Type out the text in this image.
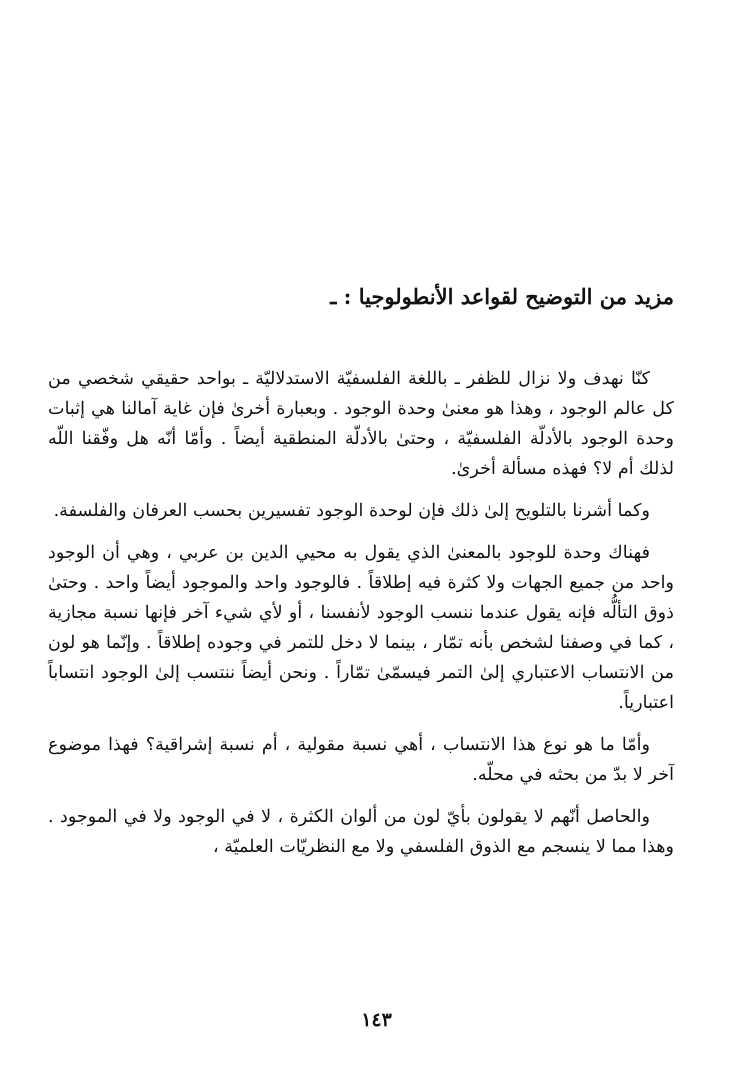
مزيد من التوضيح لقواعد الأنطولوجيا : ـ

كنّا نهدف ولا نزال للظفر ـ باللغة الفلسفيّة الاستدلاليّة ـ بواحد حقيقي شخصي من كل عالم الوجود ، وهذا هو معنىٰ وحدة الوجود . وبعبارة أخرىٰ فإن غاية آمالنا هي إثبات وحدة الوجود بالأدلّة الفلسفيّة ، وحتىٰ بالأدلّة المنطقية أيضاً . وأمّا أنّه هل وفّقنا اللّه لذلك أم لا؟ فهذه مسألة أخرىٰ.

وكما أشرنا بالتلويح إلىٰ ذلك فإن لوحدة الوجود تفسيرين بحسب العرفان والفلسفة.

فهناك وحدة للوجود بالمعنىٰ الذي يقول به محيي الدين بن عربي ، وهي أن الوجود واحد من جميع الجهات ولا كثرة فيه إطلاقاً . فالوجود واحد والموجود أيضاً واحد . وحتىٰ ذوق التألُّه فإنه يقول عندما ننسب الوجود لأنفسنا ، أو لأي شيء آخر فإنها نسبة مجازية ، كما في وصفنا لشخص بأنه تمّار ، بينما لا دخل للتمر في وجوده إطلاقاً . وإنّما هو لون من الانتساب الاعتباري إلىٰ التمر فيسمّىٰ تمّاراً . ونحن أيضاً ننتسب إلىٰ الوجود انتساباً اعتبارياً.

وأمّا ما هو نوع هذا الانتساب ، أهي نسبة مقولية ، أم نسبة إشراقية؟ فهذا موضوع آخر لا بدّ من بحثه في محلّه.

والحاصل أنّهم لا يقولون بأيّ لون من ألوان الكثرة ، لا في الوجود ولا في الموجود . وهذا مما لا ينسجم مع الذوق الفلسفي ولا مع النظريّات العلميّة ،

١٤٣
